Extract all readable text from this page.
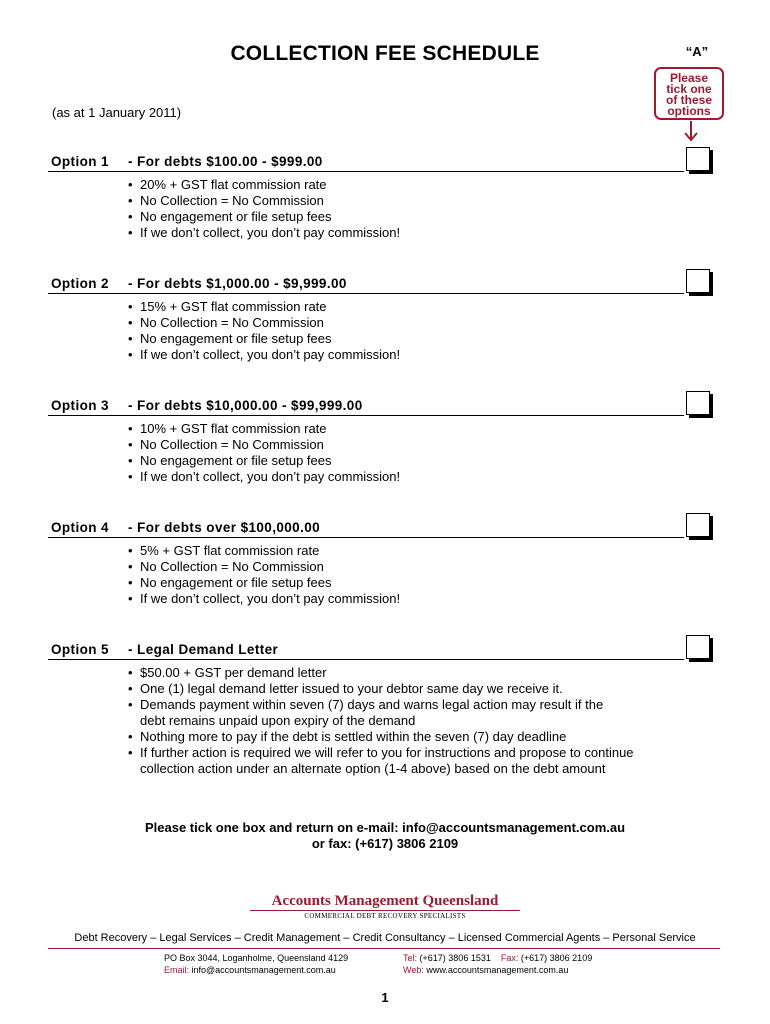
COLLECTION FEE SCHEDULE	“A”
(as at 1 January 2011)
Please
tick one
of these
options
Option 1 - For debts $100.00 - $999.00
• 20% + GST flat commission rate
• No Collection = No Commission
• No engagement or file setup fees
• If we don’t collect, you don’t pay commission!
Option 2 - For debts $1,000.00 - $9,999.00
• 15% + GST flat commission rate
• No Collection = No Commission
• No engagement or file setup fees
• If we don’t collect, you don’t pay commission!
Option 3 - For debts $10,000.00 - $99,999.00
• 10% + GST flat commission rate
• No Collection = No Commission
• No engagement or file setup fees
• If we don’t collect, you don’t pay commission!
Option 4 - For debts over $100,000.00
• 5% + GST flat commission rate
• No Collection = No Commission
• No engagement or file setup fees
• If we don’t collect, you don’t pay commission!
Option 5 - Legal Demand Letter
• $50.00 + GST per demand letter
• One (1) legal demand letter issued to your debtor same day we receive it.
• Demands payment within seven (7) days and warns legal action may result if the debt remains unpaid upon expiry of the demand
• Nothing more to pay if the debt is settled within the seven (7) day deadline
• If further action is required we will refer to you for instructions and propose to continue collection action under an alternate option (1-4 above) based on the debt amount
Please tick one box and return on e-mail: info@accountsmanagement.com.au
or fax: (+617) 3806 2109
Accounts Management Queensland
COMMERCIAL DEBT RECOVERY SPECIALISTS
Debt Recovery – Legal Services – Credit Management – Credit Consultancy – Licensed Commercial Agents – Personal Service
PO Box 3044, Loganholme, Queensland 4129
Email: info@accountsmanagement.com.au
Tel: (+617) 3806 1531 Fax: (+617) 3806 2109
Web: www.accountsmanagement.com.au
1
